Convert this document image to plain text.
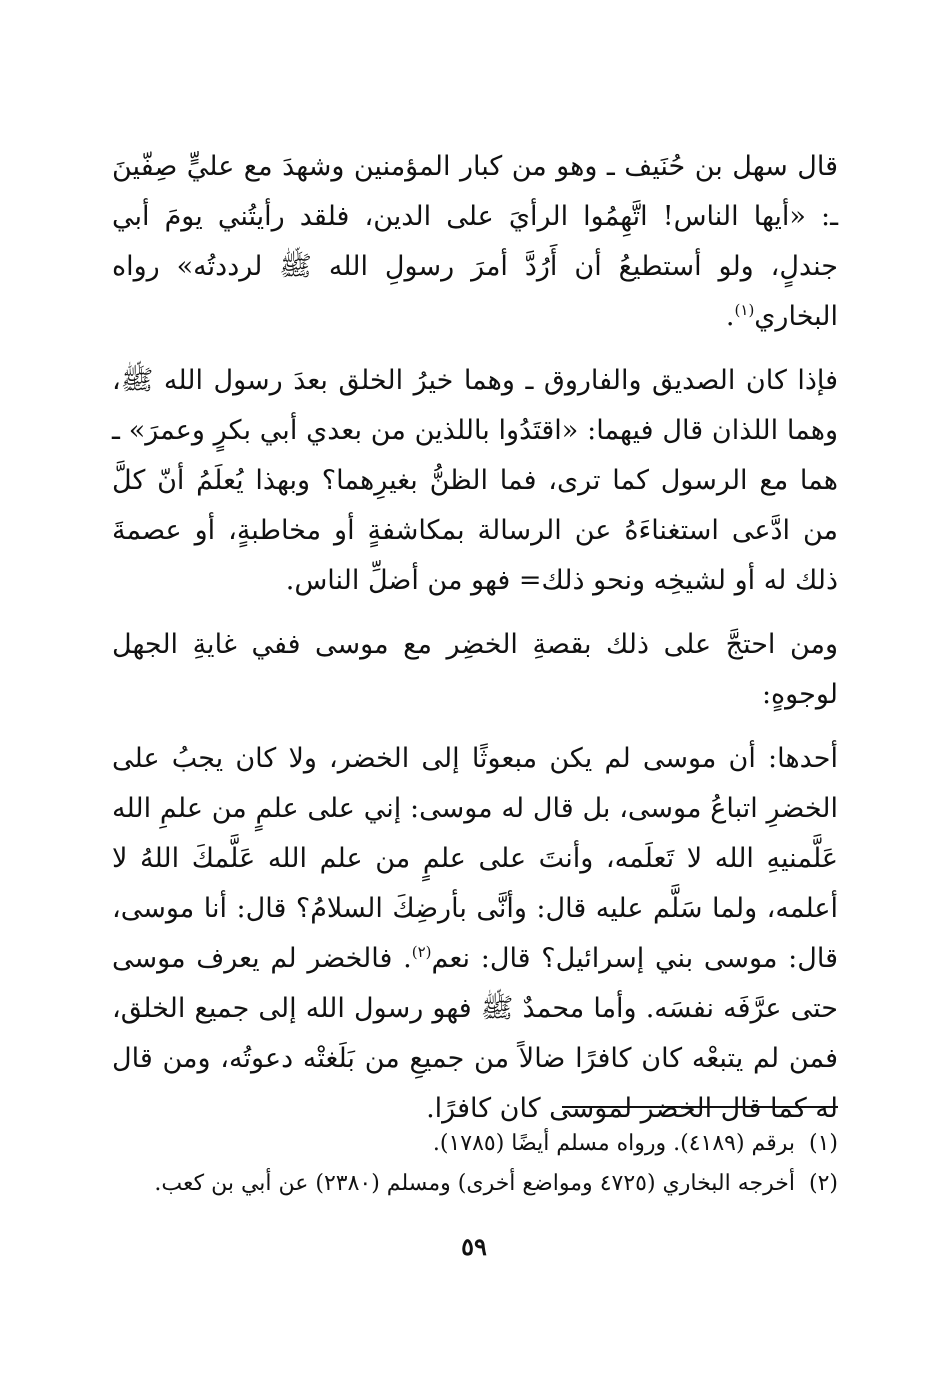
قال سهل بن حُنَيف ـ وهو من كبار المؤمنين وشهدَ مع عليٍّ صِفّينَ ـ: «أيها الناس! اتَّهِمُوا الرأيَ على الدين، فلقد رأيتُني يومَ أبي جندلٍ، ولو أستطيعُ أن أَرُدَّ أمرَ رسولِ الله ﷺ لرددتُه» رواه البخاري$^{(١)}$.

فإذا كان الصديق والفاروق ـ وهما خيرُ الخلق بعدَ رسول الله ﷺ، وهما اللذان قال فيهما: «اقتَدُوا باللذين من بعدي أبي بكرٍ وعمرَ» ـ هما مع الرسول كما ترى، فما الظنُّ بغيرِهما؟ وبهذا يُعلَمُ أنّ كلَّ من ادَّعى استغناءَهُ عن الرسالة بمكاشفةٍ أو مخاطبةٍ، أو عصمةَ ذلك له أو لشيخِه ونحو ذلك= فهو من أضلِّ الناس.

ومن احتجَّ على ذلك بقصةِ الخضِر مع موسى ففي غايةِ الجهل لوجوهٍ:

أحدها: أن موسى لم يكن مبعوثًا إلى الخضر، ولا كان يجبُ على الخضرِ اتباعُ موسى، بل قال له موسى: إني على علمٍ من علمِ الله عَلَّمنيهِ الله لا تَعلَمه، وأنتَ على علمٍ من علم الله عَلَّمكَ اللهُ لا أعلمه، ولما سَلَّم عليه قال: وأنَّى بأرضِكَ السلامُ؟ قال: أنا موسى، قال: موسى بني إسرائيل؟ قال: نعم$^{(٢)}$. فالخضر لم يعرف موسى حتى عرَّفَه نفسَه. وأما محمدٌ ﷺ فهو رسول الله إلى جميع الخلق، فمن لم يتبعْه كان كافرًا ضالاً من جميعِ من بَلَغتْه دعوتُه، ومن قال له كما قال الخضر لموسى كان كافرًا.

(١)برقم (٤١٨٩). ورواه مسلم أيضًا (١٧٨٥).

(٢)أخرجه البخاري (٤٧٢٥ ومواضع أخرى) ومسلم (٢٣٨٠) عن أبي بن كعب.

٥٩
